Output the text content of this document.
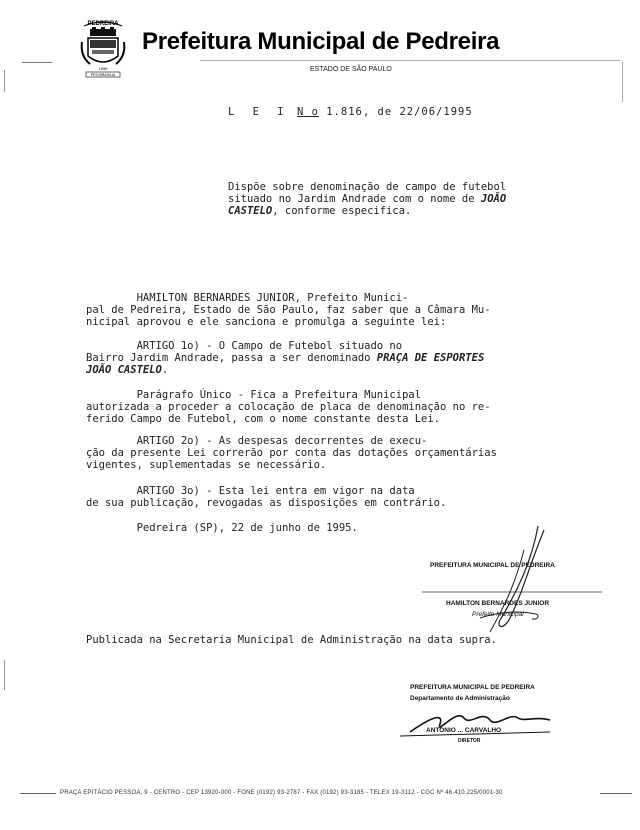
PEDREIRA
1896
PRO BRASILIA
Prefeitura Municipal de Pedreira
ESTADO DE SÃO PAULO
L E I N o 1.816, de 22/06/1995
Dispõe sobre denominação de campo de futebol
situado no Jardim Andrade com o nome de JOÃO
CASTELO, conforme especifica.
HAMILTON BERNARDES JUNIOR, Prefeito Munici-
pal de Pedreira, Estado de São Paulo, faz saber que a Câmara Mu-
nicipal aprovou e ele sanciona e promulga a seguinte lei:
ARTIGO 1o) - O Campo de Futebol situado no
Bairro Jardim Andrade, passa a ser denominado PRAÇA DE ESPORTES
JOÃO CASTELO.
Parágrafo Único - Fica a Prefeitura Municipal
autorizada a proceder a colocação de placa de denominação no re-
ferido Campo de Futebol, com o nome constante desta Lei.
ARTIGO 2o) - As despesas decorrentes de execu-
ção da presente Lei correrão por conta das dotações orçamentárias
vigentes, suplementadas se necessário.
ARTIGO 3o) - Esta lei entra em vigor na data
de sua publicação, revogadas as disposições em contrário.
Pedreira (SP), 22 de junho de 1995.
PREFEITURA MUNICIPAL DE PEDREIRA
HAMILTON BERNARDES JUNIOR
Prefeito Municipal
Publicada na Secretaria Municipal de Administração na data supra.
PREFEITURA MUNICIPAL DE PEDREIRA
Departamento de Administração
ANTONIO ... CARVALHO
DIRETOR
PRAÇA EPITÁCIO PESSOA, 9 - CENTRO - CEP 13920-000 - FONE (0192) 93-2787 - FAX (0192) 93-3185 - TELEX 19-3112 - CGC Nº 46.410.225/0001-30
